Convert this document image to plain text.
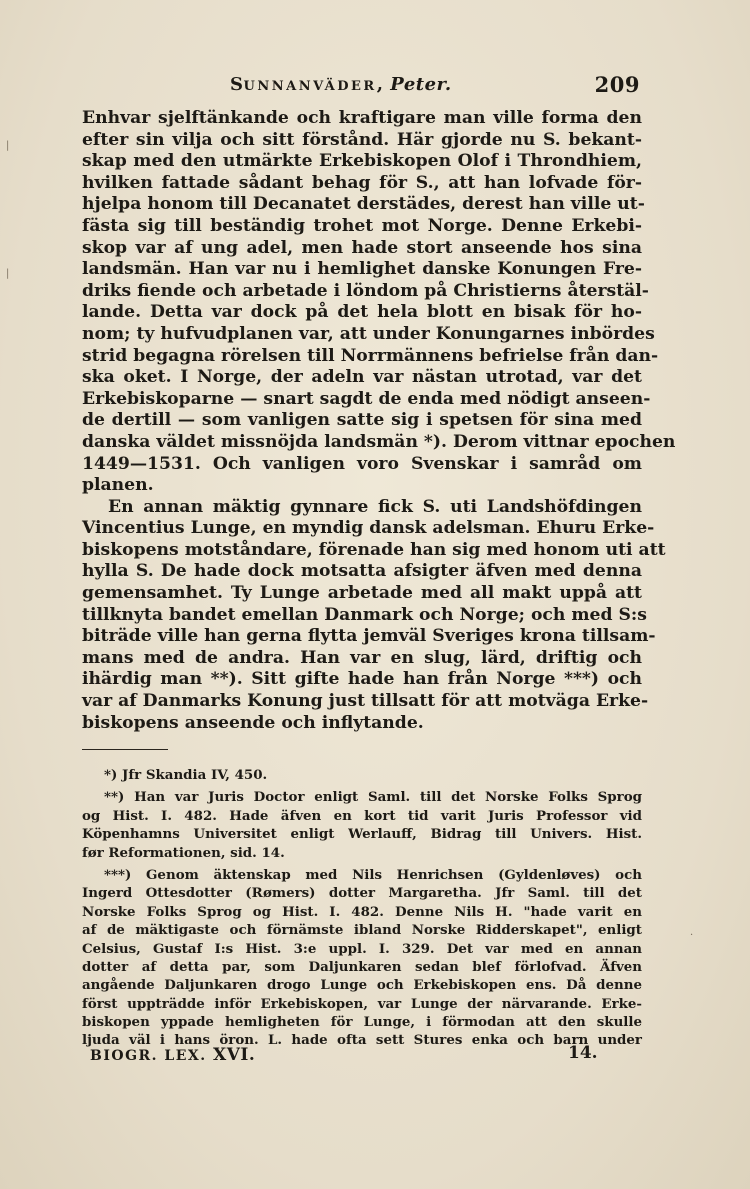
|
|
·
SUNNANVÄDER, Peter.	209
Enhvar sjelftänkande och kraftigare man ville forma den
efter sin vilja och sitt förstånd. Här gjorde nu S. bekant-
skap med den utmärkte Erkebiskopen Olof i Throndhiem,
hvilken fattade sådant behag för S., att han lofvade för-
hjelpa honom till Decanatet derstädes, derest han ville ut-
fästa sig till beständig trohet mot Norge. Denne Erkebi-
skop var af ung adel, men hade stort anseende hos sina
landsmän. Han var nu i hemlighet danske Konungen Fre-
driks fiende och arbetade i löndom på Christierns återstäl-
lande. Detta var dock på det hela blott en bisak för ho-
nom; ty hufvudplanen var, att under Konungarnes inbördes
strid begagna rörelsen till Norrmännens befrielse från dan-
ska oket. I Norge, der adeln var nästan utrotad, var det
Erkebiskoparne — snart sagdt de enda med nödigt anseen-
de dertill — som vanligen satte sig i spetsen för sina med
danska väldet missnöjda landsmän *). Derom vittnar epochen
1449—1531. Och vanligen voro Svenskar i samråd om
planen.
En annan mäktig gynnare fick S. uti Landshöfdingen
Vincentius Lunge, en myndig dansk adelsman. Ehuru Erke-
biskopens motståndare, förenade han sig med honom uti att
hylla S. De hade dock motsatta afsigter äfven med denna
gemensamhet. Ty Lunge arbetade med all makt uppå att
tillknyta bandet emellan Danmark och Norge; och med S:s
biträde ville han gerna flytta jemväl Sveriges krona tillsam-
mans med de andra. Han var en slug, lärd, driftig och
ihärdig man **). Sitt gifte hade han från Norge ***) och
var af Danmarks Konung just tillsatt för att motväga Erke-
biskopens anseende och inflytande.
*) Jfr Skandia IV, 450.
**) Han var Juris Doctor enligt Saml. till det Norske Folks Sprog
og Hist. I. 482. Hade äfven en kort tid varit Juris Professor vid
Köpenhamns Universitet enligt Werlauff, Bidrag till Univers. Hist.
før Reformationen, sid. 14.
***) Genom äktenskap med Nils Henrichsen (Gyldenløves) och
Ingerd Ottesdotter (Rømers) dotter Margaretha. Jfr Saml. till det
Norske Folks Sprog og Hist. I. 482. Denne Nils H. "hade varit en
af de mäktigaste och förnämste ibland Norske Ridderskapet", enligt
Celsius, Gustaf I:s Hist. 3:e uppl. I. 329. Det var med en annan
dotter af detta par, som Daljunkaren sedan blef förlofvad. Äfven
angående Daljunkaren drogo Lunge och Erkebiskopen ens. Då denne
först uppträdde inför Erkebiskopen, var Lunge der närvarande. Erke-
biskopen yppade hemligheten för Lunge, i förmodan att den skulle
ljuda väl i hans öron. L. hade ofta sett Stures enka och barn under
BIOGR. LEX. XVI.	14.
